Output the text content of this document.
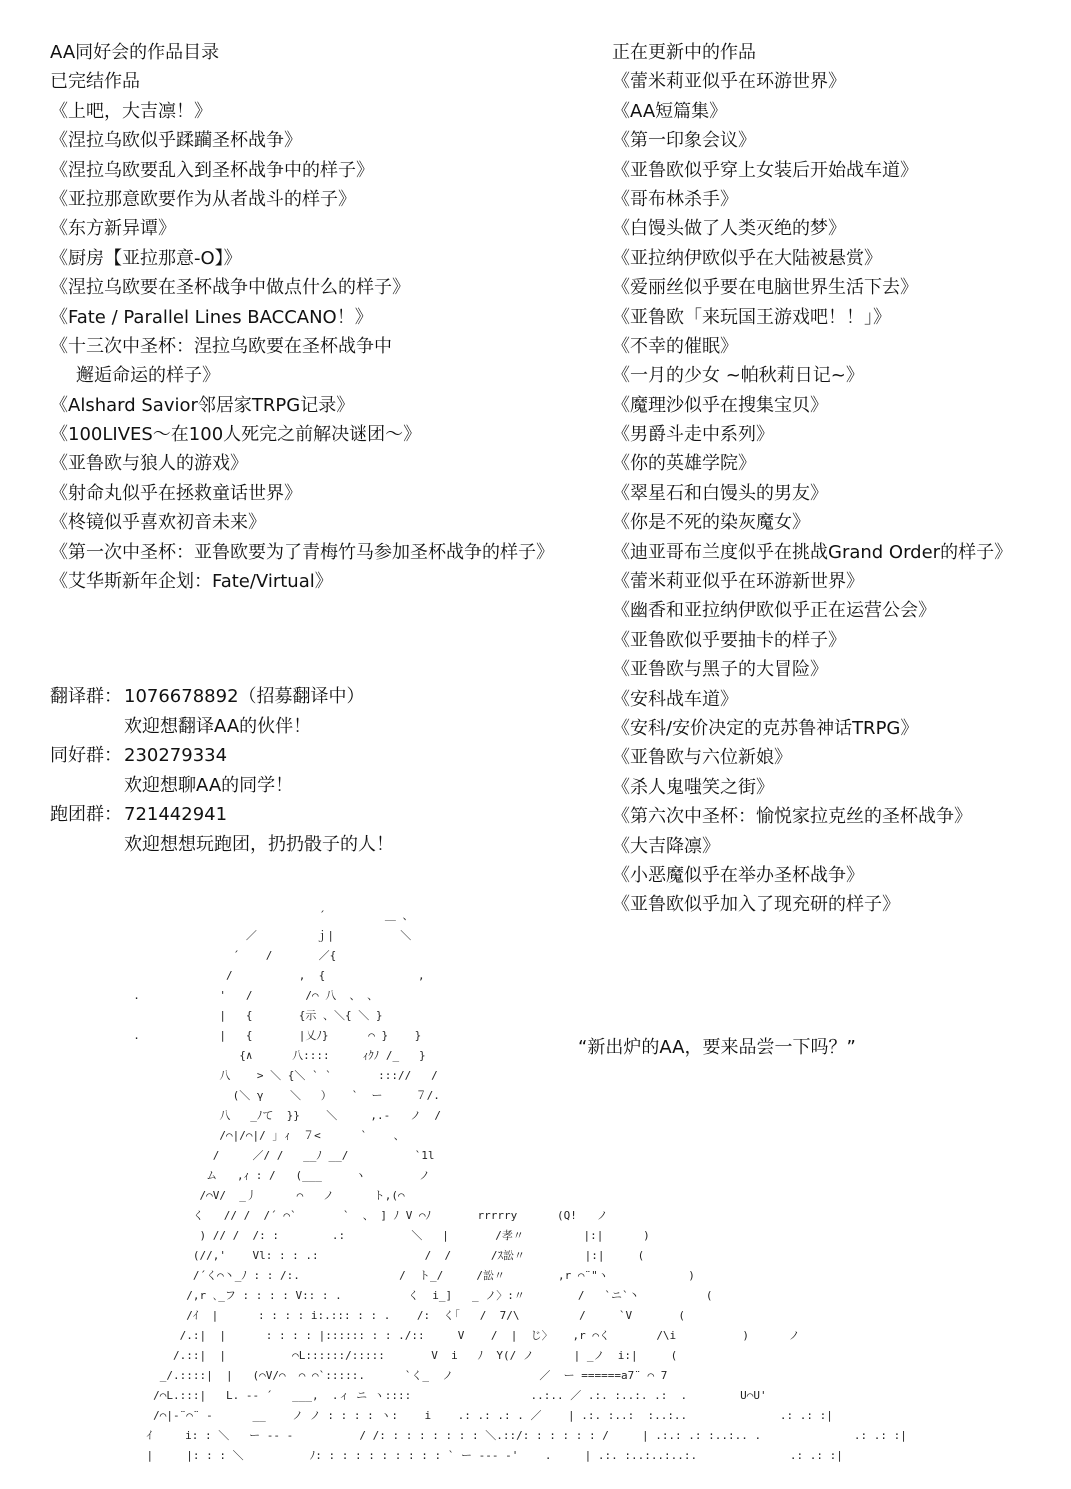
AA同好会的作品目录
已完结作品
《上吧，大吉凛！》
《涅拉乌欧似乎蹂躏圣杯战争》
《涅拉乌欧要乱入到圣杯战争中的样子》
《亚拉那意欧要作为从者战斗的样子》
《东方新异谭》
《厨房【亚拉那意-O】》
《涅拉乌欧要在圣杯战争中做点什么的样子》
《Fate / Parallel Lines BACCANO！》
《十三次中圣杯：涅拉乌欧要在圣杯战争中
邂逅命运的样子》
《Alshard Savior邻居家TRPG记录》
《100LIVES～在100人死完之前解决谜团～》
《亚鲁欧与狼人的游戏》
《射命丸似乎在拯救童话世界》
《柊镜似乎喜欢初音未来》
《第一次中圣杯：亚鲁欧要为了青梅竹马参加圣杯战争的样子》
《艾华斯新年企划：Fate/Virtual》
正在更新中的作品
《蕾米莉亚似乎在环游世界》
《AA短篇集》
《第一印象会议》
《亚鲁欧似乎穿上女装后开始战车道》
《哥布林杀手》
《白馒头做了人类灭绝的梦》
《亚拉纳伊欧似乎在大陆被悬赏》
《爱丽丝似乎要在电脑世界生活下去》
《亚鲁欧「来玩国王游戏吧！！」》
《不幸的催眠》
《一月的少女 ~帕秋莉日记~》
《魔理沙似乎在搜集宝贝》
《男爵斗走中系列》
《你的英雄学院》
《翠星石和白馒头的男友》
《你是不死的染灰魔女》
《迪亚哥布兰度似乎在挑战Grand Order的样子》
《蕾米莉亚似乎在环游新世界》
《幽香和亚拉纳伊欧似乎正在运营公会》
《亚鲁欧似乎要抽卡的样子》
《亚鲁欧与黑子的大冒险》
《安科战车道》
《安科/安价决定的克苏鲁神话TRPG》
《亚鲁欧与六位新娘》
《杀人鬼嗤笑之街》
《第六次中圣杯：愉悦家拉克丝的圣杯战争》
《大吉降凛》
《小恶魔似乎在举办圣杯战争》
《亚鲁欧似乎加入了现充研的样子》
翻译群： 1076678892（招募翻译中）
欢迎想翻译AA的伙伴！
同好群： 230279334
欢迎想聊AA的同学！
跑团群： 721442941
欢迎想想玩跑团，扔扔骰子的人！
´         ＿ 、
／         ｊ|          ＼
´    /       ／{
/          ,  {              ,
.            '   /        /⌒ 八  、 、
|   {       {示 、＼{ ＼ }
.            |   {       |乂ﾉ}      ⌒ }    }
{∧      八::::     ｨｸﾉ /_   }
八    > ＼ {＼ ` `       ::://   /
(＼ γ    ＼   ）   `  ー     ７/.
八   _ﾉて  }}    ＼     ,.-   ノ  /
/⌒|/⌒|/ ｣ ｨ  ７<      `    、
/     ／/ /   __ﾉ __/          `1l
ム   ,ｨ : /   (___     ヽ        ノ
/⌒V/  _丿      ⌒   ノ      ト,(⌒
く   // /  /´ ⌒`       `  、 ] ﾉ V ⌒ﾉ       rrrrry      (Q!   ノ
) // /  /: :        .:          ＼   |       /孝〃         |:|      )
(//,'    Vl: : : .:                /  /      /ｽ訟〃         |:|     (
/´く⌒丶_ﾉ : : /:.               /  ト_/     /訟〃        ,r ⌒¨"ヽ            )
/,r ､_フ : : : : V:: : .          く  i_]   _ ノ〉:〃        /   `ニ`丶          (
/ｲ  |      : : : : i:.::: : : .    /:  く｢   /  7/\         /     `V       (
/.:|  |      : : : : |:::::: : : ./::     V    /  |  じ〉   ,r ⌒く       /\i          )      ノ
/.::|  |          ⌒L::::::/:::::       V  i   ﾉ  Y(/ ノ      | _ノ  i:|     (
_/.::::|  |   (⌒V/⌒  ⌒ ⌒`:::::.      `く_  ノ             ／  ー ======a7¨ ⌒ 7
/⌒L.:::|   L. -‐ ´   ___,  .ィ ニ ヽ::::                  ..:.. ／ .:. :..:. .:  .        U⌒U'
/⌒|-¨⌒¨ ‐      __    ノ ノ : : : : ヽ:    i    .: .: .: . ／    | .:. :..:  :..:..              .: .: :|
ｲ     i: : ＼   ー ‐‐ ‐          / /: : : : : : : : ＼.::/: : : : : : /     | .:.: .: :..:.. .              .: .: :|
|     |: : : ＼          ﾉ: : : : : : : : : : ` ー ‐‐‐ ‐'    .     | .:. :..:..:..:.              .: .: :|
“新出炉的AA，要来品尝一下吗？”
